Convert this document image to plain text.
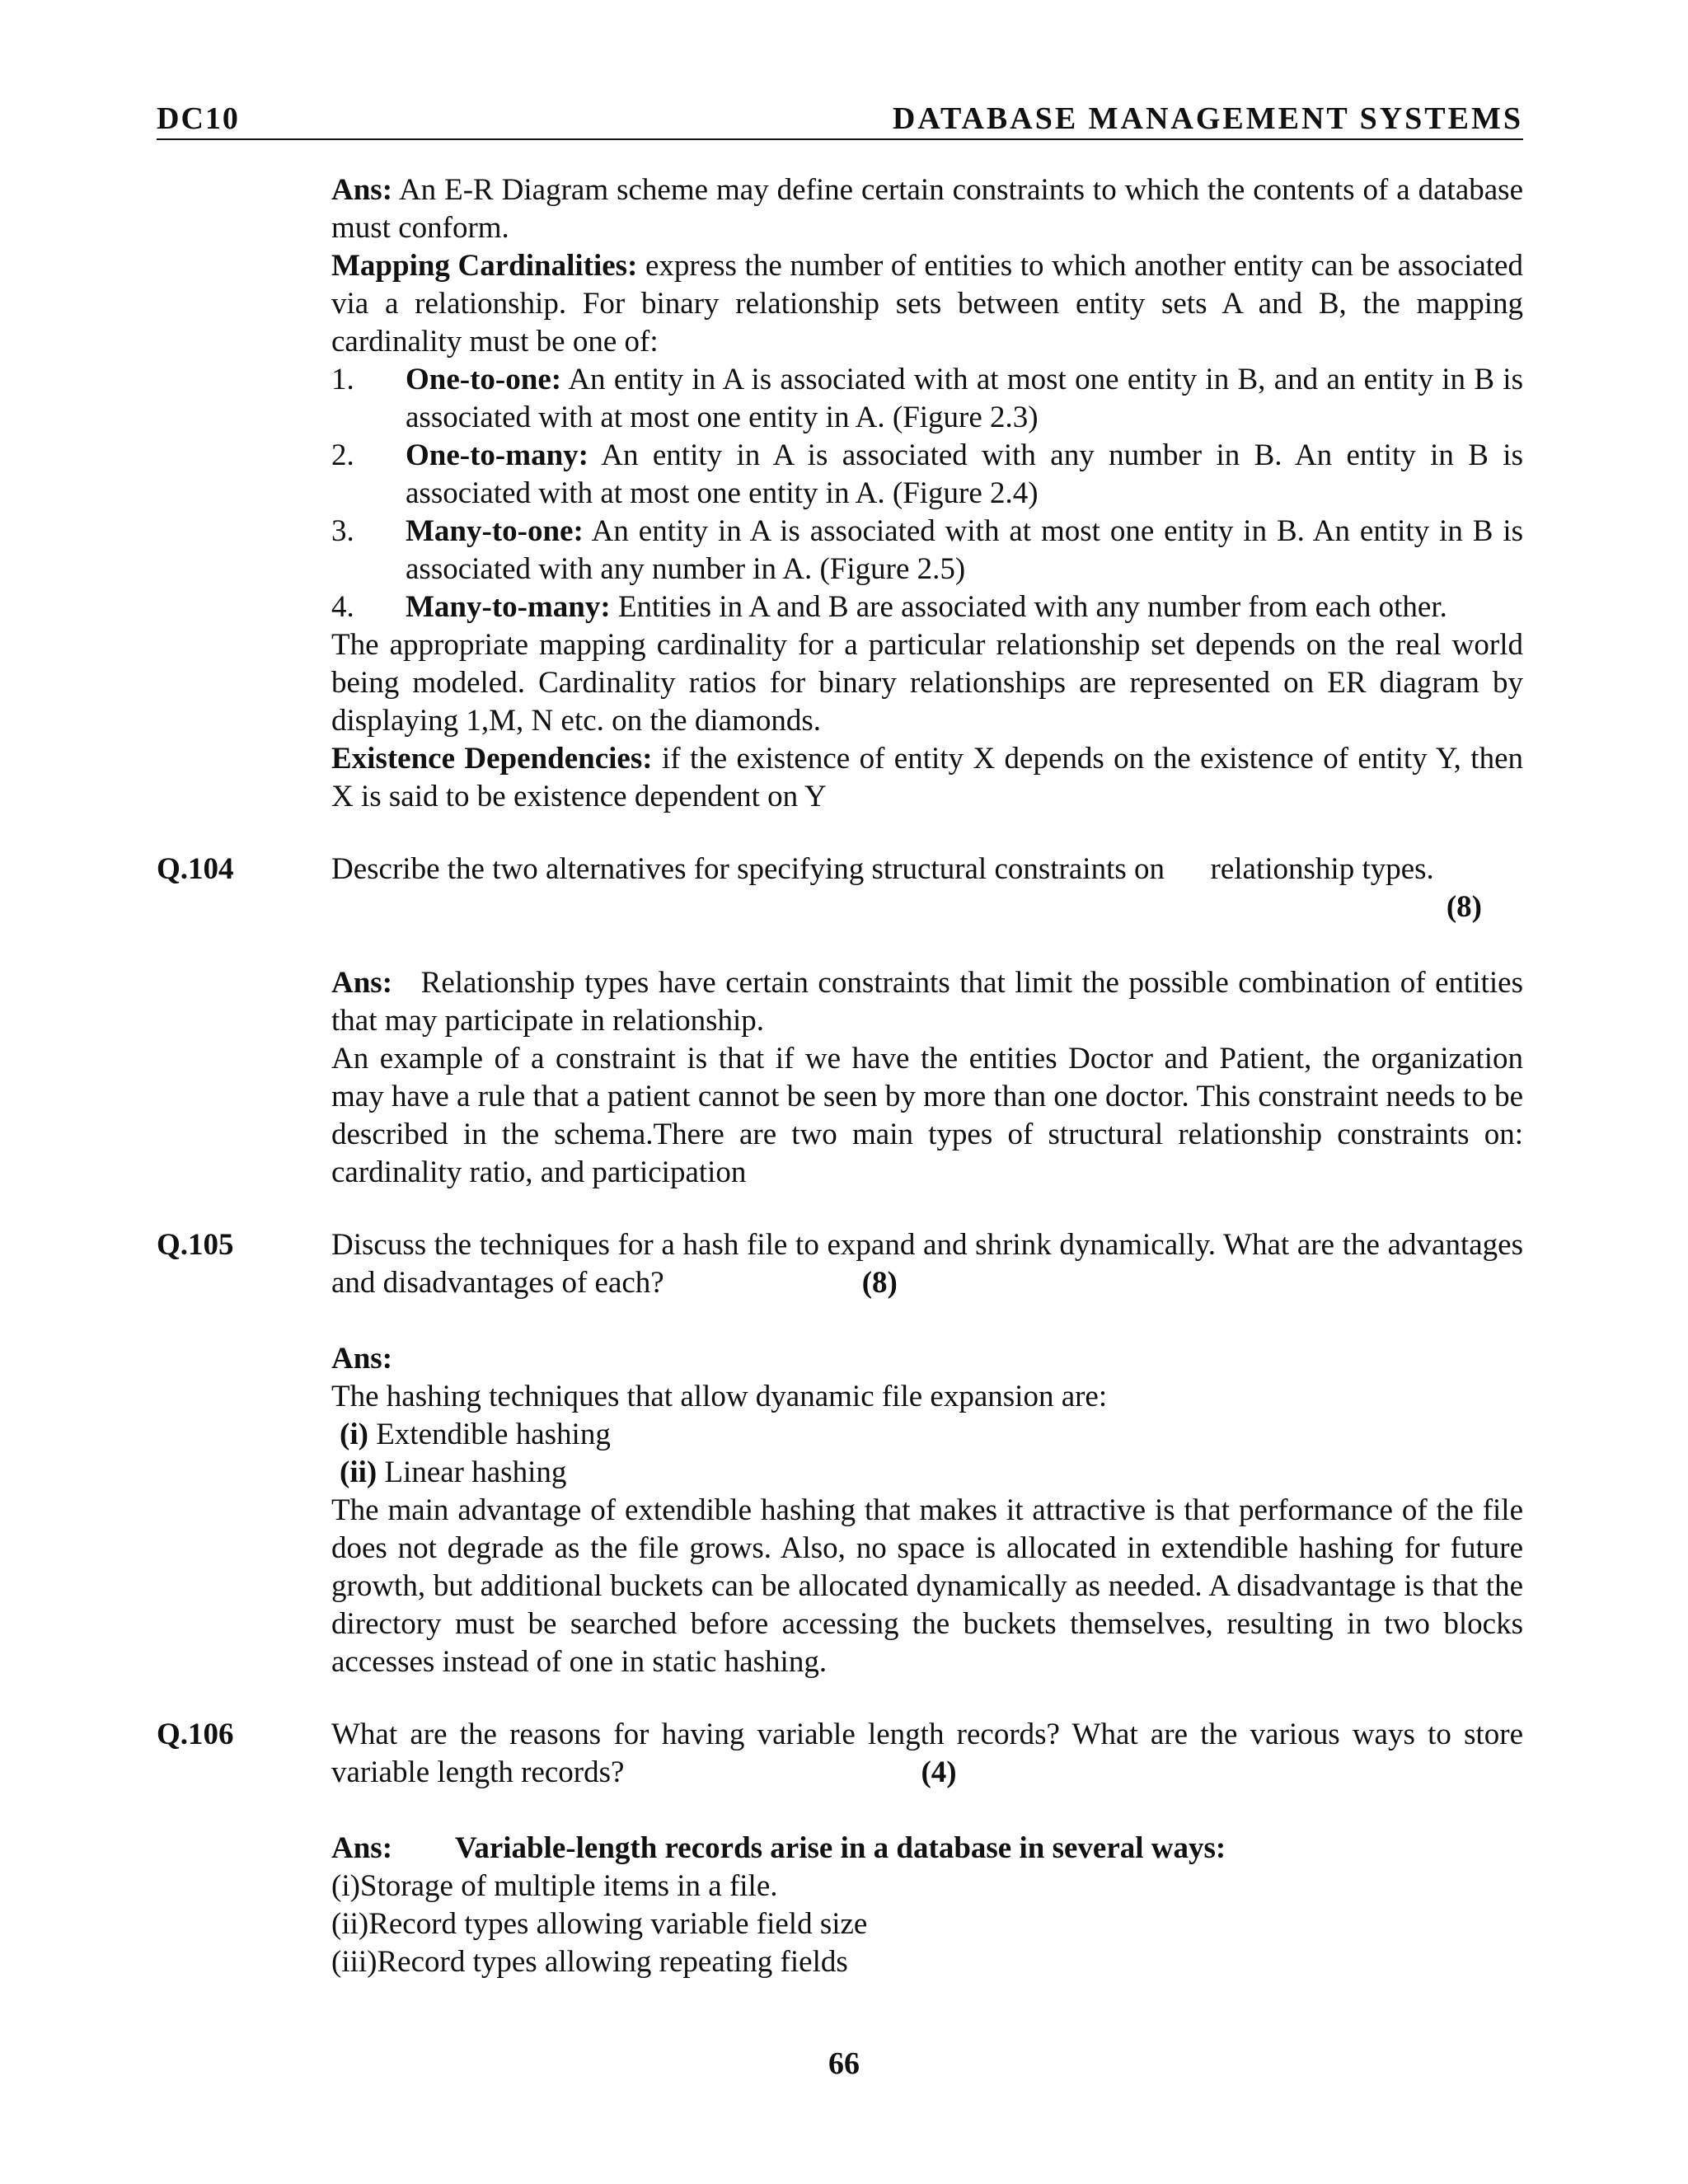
DC10	DATABASE MANAGEMENT SYSTEMS

Ans: An E-R Diagram scheme may define certain constraints to which the contents of a database must conform.

Mapping Cardinalities: express the number of entities to which another entity can be associated via a relationship. For binary relationship sets between entity sets A and B, the mapping cardinality must be one of:

1. One-to-one: An entity in A is associated with at most one entity in B, and an entity in B is associated with at most one entity in A. (Figure 2.3)
2. One-to-many: An entity in A is associated with any number in B. An entity in B is associated with at most one entity in A. (Figure 2.4)
3. Many-to-one: An entity in A is associated with at most one entity in B. An entity in B is associated with any number in A. (Figure 2.5)
4. Many-to-many: Entities in A and B are associated with any number from each other.

The appropriate mapping cardinality for a particular relationship set depends on the real world being modeled. Cardinality ratios for binary relationships are represented on ER diagram by displaying 1,M, N etc. on the diamonds.

Existence Dependencies: if the existence of entity X depends on the existence of entity Y, then X is said to be existence dependent on Y

Q.104	Describe the two alternatives for specifying structural constraints on      relationship types.

(8)

Ans:   Relationship types have certain constraints that limit the possible combination of entities that may participate in relationship.

An example of a constraint is that if we have the entities Doctor and Patient, the organization may have a rule that a patient cannot be seen by more than one doctor. This constraint needs to be described in the schema.There are two main types of structural relationship constraints on: cardinality ratio, and participation

Q.105	Discuss the techniques for a hash file to expand and shrink dynamically. What are the advantages and disadvantages of each?	(8)

Ans:

The hashing techniques that allow dyanamic file expansion are:

(i) Extendible hashing

(ii) Linear hashing

The main advantage of extendible hashing that makes it attractive is that performance of the file does not degrade as the file grows. Also, no space is allocated in extendible hashing for future growth, but additional buckets can be allocated dynamically as needed. A disadvantage is that the directory must be searched before accessing the buckets themselves, resulting in two blocks accesses instead of one in static hashing.

Q.106	What are the reasons for having variable length records? What are the various ways to store variable length records?	(4)

Ans: Variable-length records arise in a database in several ways:

(i)Storage of multiple items in a file.

(ii)Record types allowing variable field size

(iii)Record types allowing repeating fields

66
